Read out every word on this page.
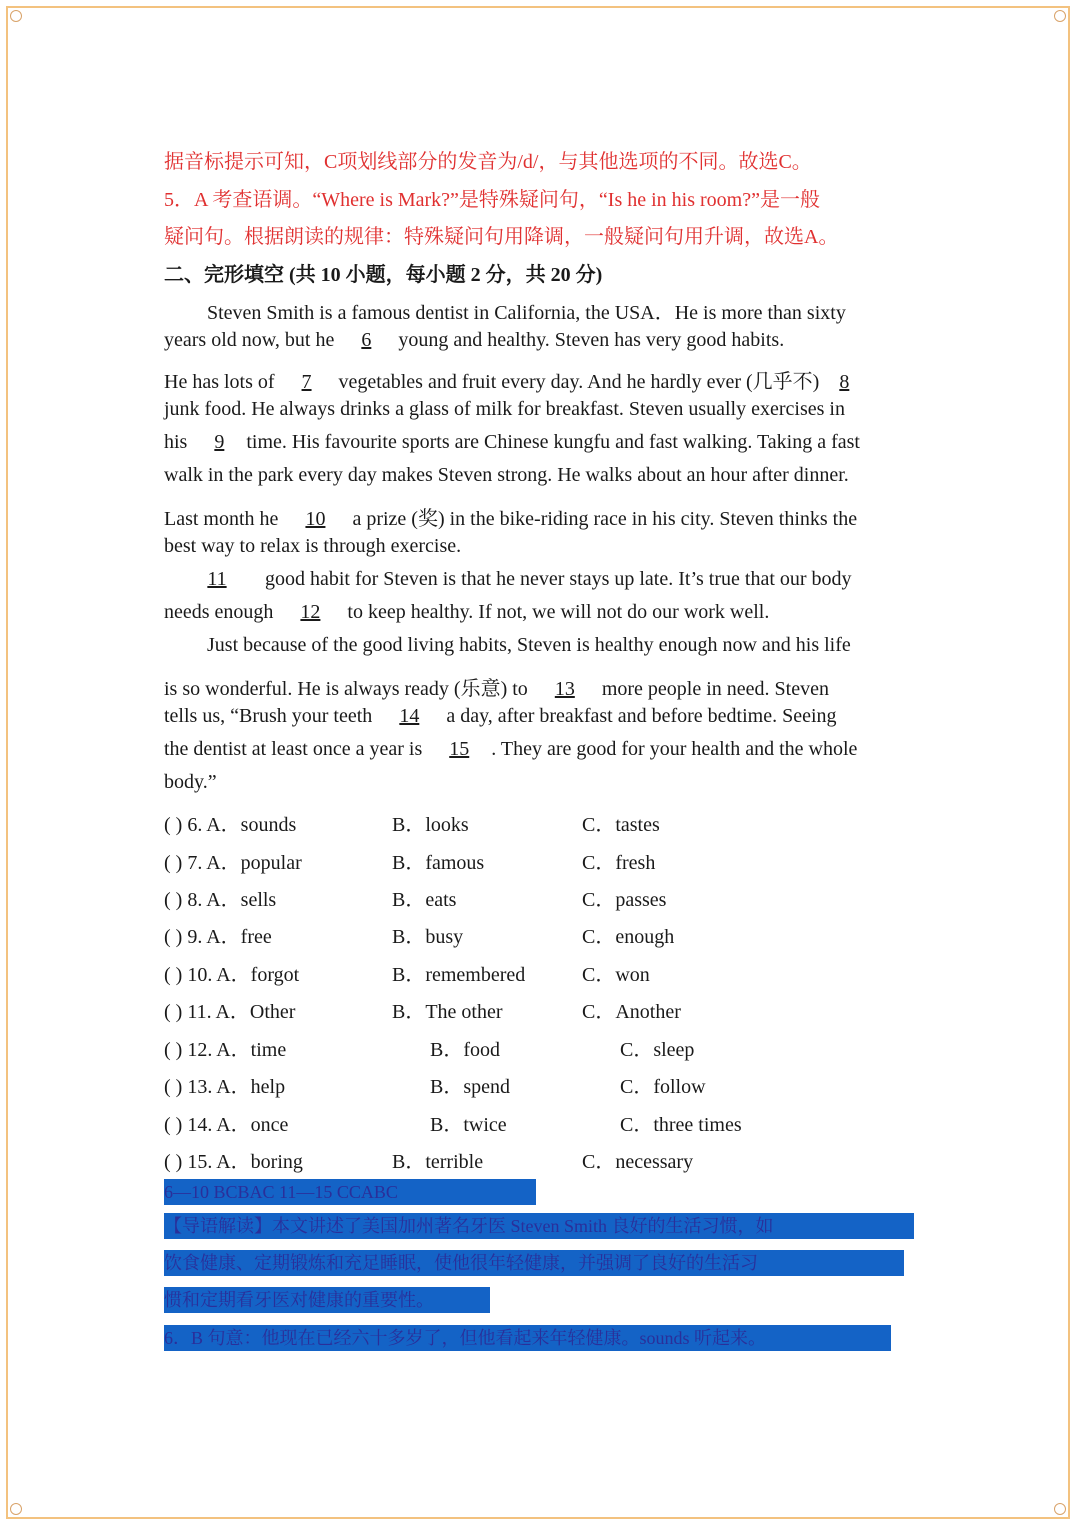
据音标提示可知，C项划线部分的发音为/d/，与其他选项的不同。故选C。
5．A 考查语调。“Where is Mark?”是特殊疑问句，“Is he in his room?”是一般
疑问句。根据朗读的规律：特殊疑问句用降调，一般疑问句用升调，故选A。
二、完形填空 (共 10 小题，每小题 2 分，共 20 分)
Steven Smith is a famous dentist in California, the USA．He is more than sixty
years old now, but he 6 young and healthy. Steven has very good habits.
He has lots of 7 vegetables and fruit every day. And he hardly ever (几乎不) 8
junk food. He always drinks a glass of milk for breakfast. Steven usually exercises in
his 9 time. His favourite sports are Chinese kungfu and fast walking. Taking a fast
walk in the park every day makes Steven strong. He walks about an hour after dinner.
Last month he 10 a prize (奖) in the bike-riding race in his city. Steven thinks the
best way to relax is through exercise.
11 good habit for Steven is that he never stays up late. It’s true that our body
needs enough 12 to keep healthy. If not, we will not do our work well.
Just because of the good living habits, Steven is healthy enough now and his life
is so wonderful. He is always ready (乐意) to 13 more people in need. Steven
tells us, “Brush your teeth 14 a day, after breakfast and before bedtime. Seeing
the dentist at least once a year is 15 . They are good for your health and the whole
body.”
( ) 6. A．sounds	B．looks	C．tastes
( ) 7. A．popular	B．famous	C．fresh
( ) 8. A．sells	B．eats	C．passes
( ) 9. A．free	B．busy	C．enough
( ) 10. A．forgot	B．remembered	C．won
( ) 11. A．Other	B．The other	C．Another
( ) 12. A．time	B．food	C．sleep
( ) 13. A．help	B．spend	C．follow
( ) 14. A．once	B．twice	C．three times
( ) 15. A．boring	B．terrible	C．necessary
6—10 BCBAC 11—15 CCABC
【导语解读】本文讲述了美国加州著名牙医 Steven Smith 良好的生活习惯，如
饮食健康、定期锻炼和充足睡眠，使他很年轻健康，并强调了良好的生活习
惯和定期看牙医对健康的重要性。
6．B 句意：他现在已经六十多岁了，但他看起来年轻健康。sounds 听起来。
